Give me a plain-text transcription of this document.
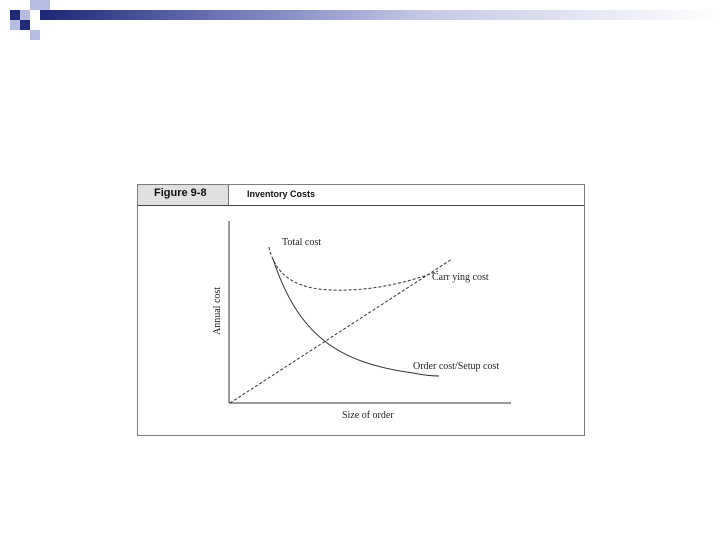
Figure 9-8	Inventory Costs
Total cost
Carr ying cost
Order cost/Setup cost
Size of order
Annual cost
